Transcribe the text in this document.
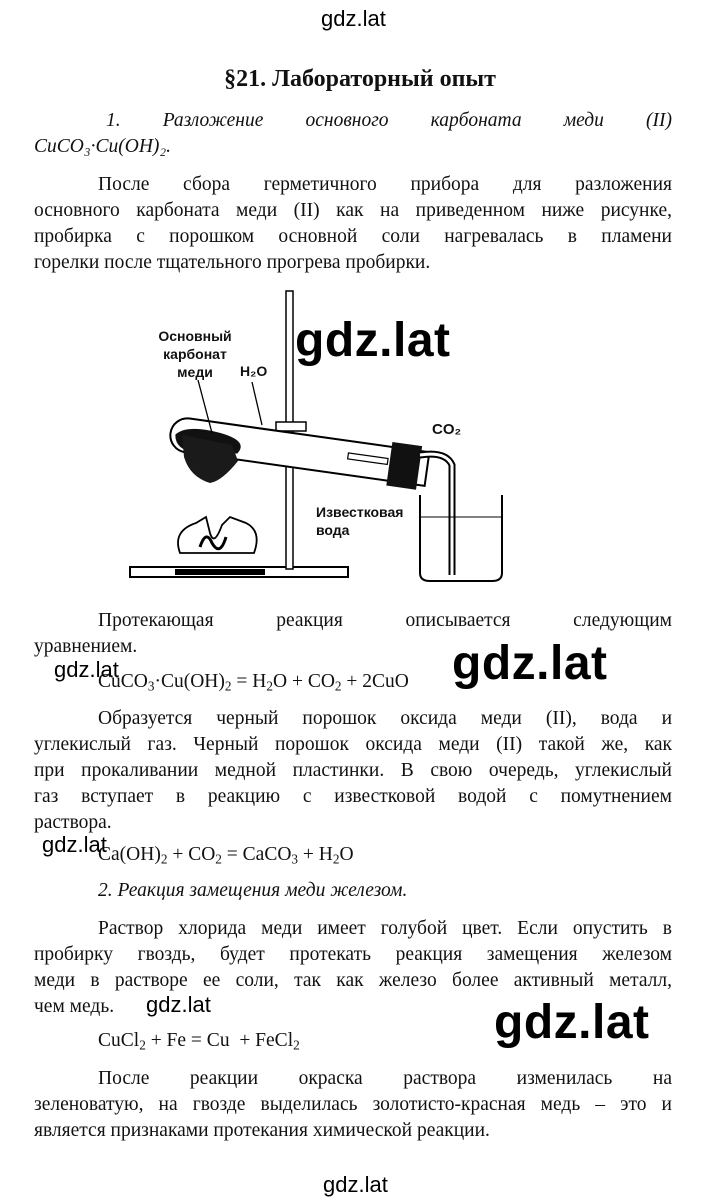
gdz.lat
§21. Лабораторный опыт

1. Разложение основного карбоната меди (II)

CuCO₃·Cu(OH)₂.

После сбора герметичного прибора для разложения
основного карбоната меди (II) как на приведенном ниже рисунке,
пробирка с порошком основной соли нагревалась в пламени
горелки после тщательного прогрева пробирки.
Основный
карбонат
меди	H₂O
CO₂
Известковая
вода
gdz.lat
Протекающая реакция описывается следующим
уравнением.

$CuCO_3\cdot Cu(OH)_2 = H_2O + CO_2 + 2CuO$

gdz.lat	gdz.lat
Образуется черный порошок оксида меди (II), вода и
углекислый газ. Черный порошок оксида меди (II) такой же, как
при прокаливании медной пластинки. В свою очередь, углекислый
газ вступает в реакцию с известковой водой с помутнением
раствора.

$Ca(OH)_2 + CO_2$ = CaCO$_3$ + $H_2O$

gdz.lat

2. Реакция замещения меди железом.

Раствор хлорида меди имеет голубой цвет. Если опустить в
пробирку гвоздь, будет протекать реакция замещения железом
меди в растворе ее соли, так как железо более активный металл,
чем медь.	gdz.lat	gdz.lat

CuCl$_2$ + Fe = Cu  + FeCl$_2$

После реакции окраска раствора изменилась на
зеленоватую, на гвозде выделилась золотисто-красная медь – это и
является признаками протекания химической реакции.
gdz.lat
